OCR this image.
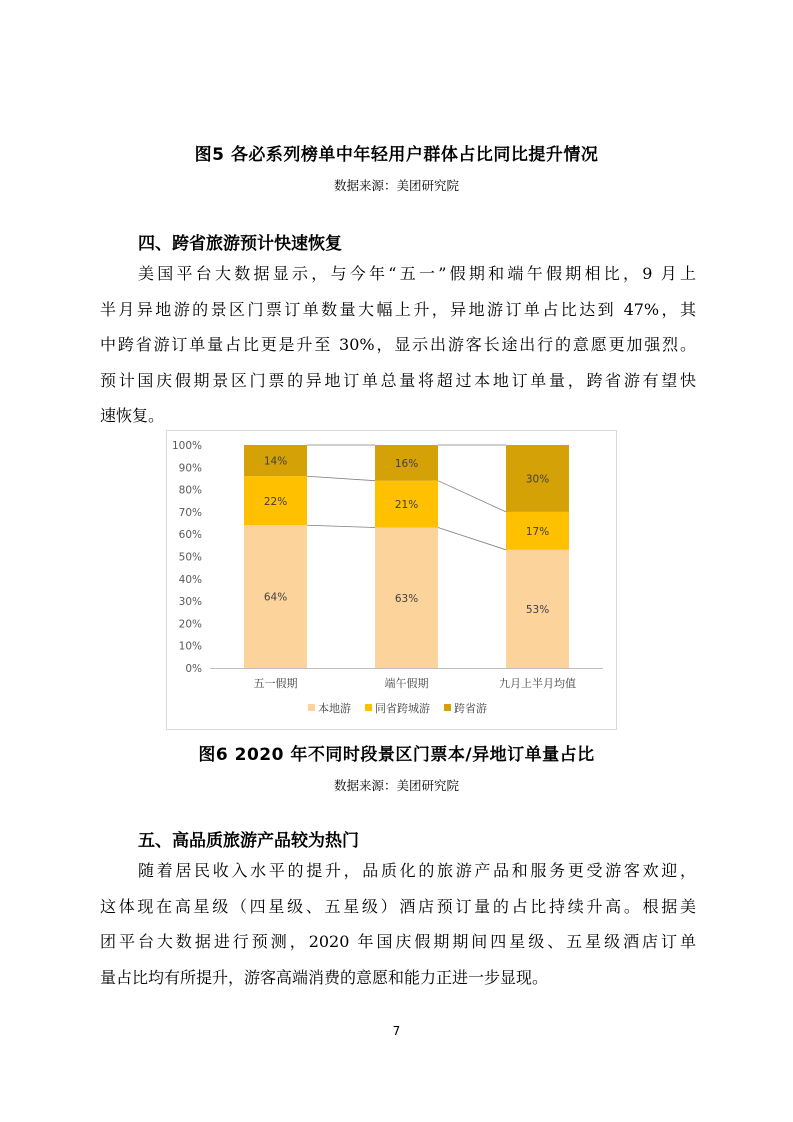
图5 各必系列榜单中年轻用户群体占比同比提升情况
数据来源：美团研究院
四、跨省旅游预计快速恢复
美国平台大数据显示，与今年“五一”假期和端午假期相比，9 月上
半月异地游的景区门票订单数量大幅上升，异地游订单占比达到 47%，其
中跨省游订单量占比更是升至 30%，显示出游客长途出行的意愿更加强烈。
预计国庆假期景区门票的异地订单总量将超过本地订单量，跨省游有望快
速恢复。
0%
10%
20%
30%
40%
50%
60%
70%
80%
90%
100%
64%
22%
14%
五一假期
63%
21%
16%
端午假期
53%
17%
30%
九月上半月均值
本地游 同省跨城游 跨省游
图6 2020 年不同时段景区门票本/异地订单量占比
数据来源：美团研究院
五、高品质旅游产品较为热门
随着居民收入水平的提升，品质化的旅游产品和服务更受游客欢迎，
这体现在高星级（四星级、五星级）酒店预订量的占比持续升高。根据美
团平台大数据进行预测，2020 年国庆假期期间四星级、五星级酒店订单
量占比均有所提升，游客高端消费的意愿和能力正进一步显现。
7
